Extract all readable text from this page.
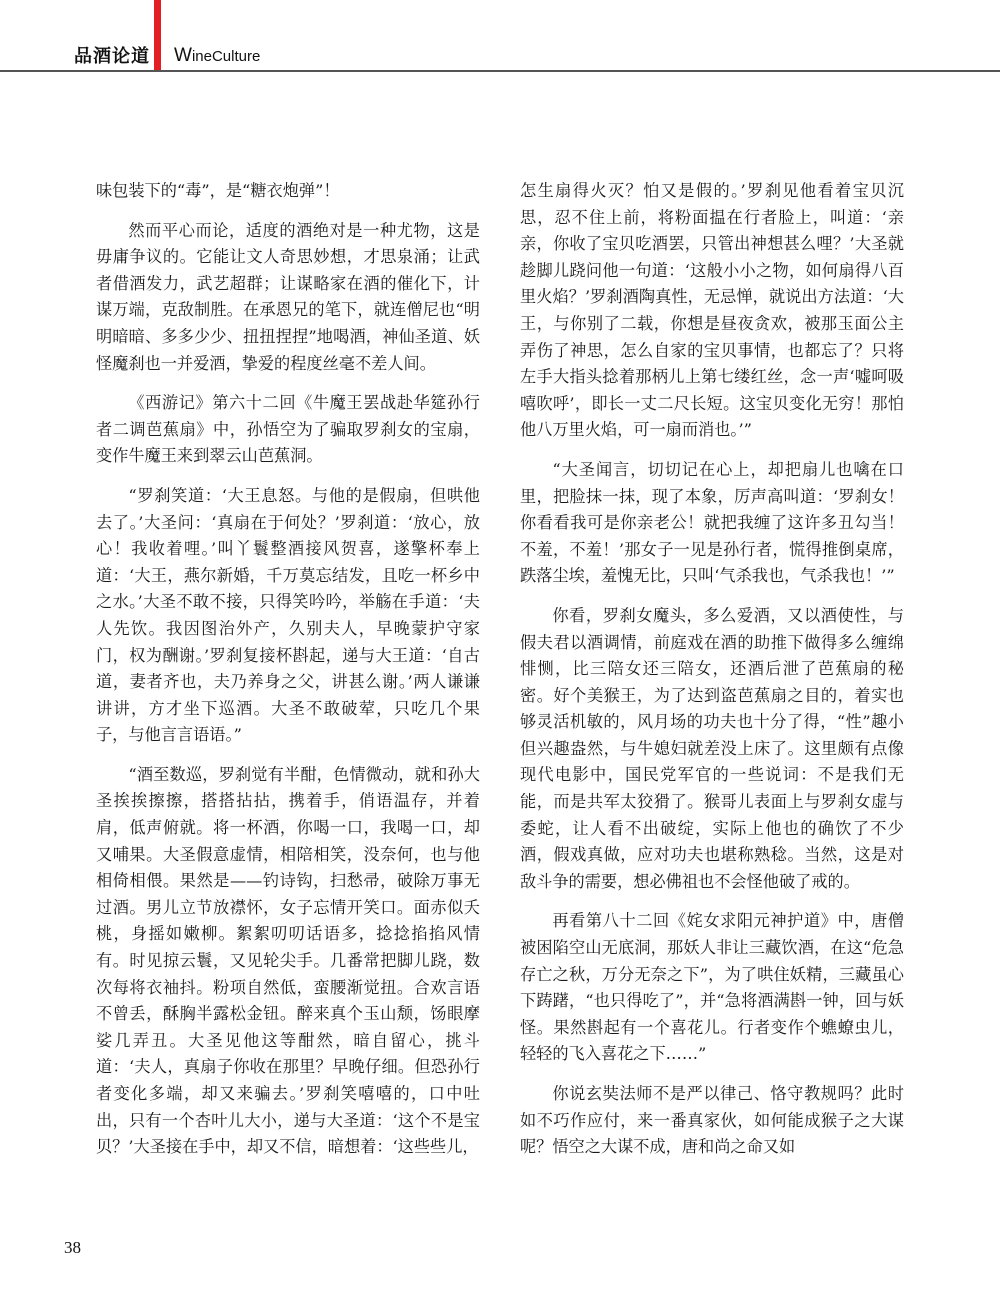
品酒论道 WineCulture

味包装下的“毒”，是“糖衣炮弹”！

然而平心而论，适度的酒绝对是一种尤物，这是毋庸争议的。它能让文人奇思妙想，才思泉涌；让武者借酒发力，武艺超群；让谋略家在酒的催化下，计谋万端，克敌制胜。在承恩兄的笔下，就连僧尼也“明明暗暗、多多少少、扭扭捏捏”地喝酒，神仙圣道、妖怪魔刹也一并爱酒，挚爱的程度丝毫不差人间。

《西游记》第六十二回《牛魔王罢战赴华筵孙行者二调芭蕉扇》中，孙悟空为了骗取罗刹女的宝扇，变作牛魔王来到翠云山芭蕉洞。

“罗刹笑道：‘大王息怒。与他的是假扇，但哄他去了。’大圣问：‘真扇在于何处？’罗刹道：‘放心，放心！我收着哩。’叫丫鬟整酒接风贺喜，遂擎杯奉上道：‘大王，燕尔新婚，千万莫忘结发，且吃一杯乡中之水。’大圣不敢不接，只得笑吟吟，举觞在手道：‘夫人先饮。我因图治外产，久别夫人，早晚蒙护守家门，权为酬谢。’罗刹复接杯斟起，递与大王道：‘自古道，妻者齐也，夫乃养身之父，讲甚么谢。’两人谦谦讲讲，方才坐下巡酒。大圣不敢破荤，只吃几个果子，与他言言语语。”

“酒至数巡，罗刹觉有半酣，色情微动，就和孙大圣挨挨擦擦，搭搭拈拈，携着手，俏语温存，并着肩，低声俯就。将一杯酒，你喝一口，我喝一口，却又哺果。大圣假意虚情，相陪相笑，没奈何，也与他相倚相偎。果然是——钓诗钩，扫愁帚，破除万事无过酒。男儿立节放襟怀，女子忘情开笑口。面赤似夭桃，身摇如嫩柳。絮絮叨叨话语多，捻捻掐掐风情有。时见掠云鬟，又见轮尖手。几番常把脚儿跷，数次每将衣袖抖。粉项自然低，蛮腰渐觉扭。合欢言语不曾丢，酥胸半露松金钮。醉来真个玉山颓，饧眼摩娑几弄丑。大圣见他这等酣然，暗自留心，挑斗道：‘夫人，真扇子你收在那里？早晚仔细。但恐孙行者变化多端，却又来骗去。’罗刹笑嘻嘻的，口中吐出，只有一个杏叶儿大小，递与大圣道：‘这个不是宝贝？’大圣接在手中，却又不信，暗想着：‘这些些儿，

怎生扇得火灭？怕又是假的。’罗刹见他看着宝贝沉思，忍不住上前，将粉面揾在行者脸上，叫道：‘亲亲，你收了宝贝吃酒罢，只管出神想甚么哩？’大圣就趁脚儿跷问他一句道：‘这般小小之物，如何扇得八百里火焰？’罗刹酒陶真性，无忌惮，就说出方法道：‘大王，与你别了二载，你想是昼夜贪欢，被那玉面公主弄伤了神思，怎么自家的宝贝事情，也都忘了？只将左手大指头捻着那柄儿上第七缕红丝，念一声‘嘘呵吸嘻吹呼’，即长一丈二尺长短。这宝贝变化无穷！那怕他八万里火焰，可一扇而消也。’”

“大圣闻言，切切记在心上，却把扇儿也噙在口里，把脸抹一抹，现了本象，厉声高叫道：‘罗刹女！你看看我可是你亲老公！就把我缠了这许多丑勾当！不羞，不羞！’那女子一见是孙行者，慌得推倒桌席，跌落尘埃，羞愧无比，只叫‘气杀我也，气杀我也！’”

你看，罗刹女魔头，多么爱酒，又以酒使性，与假夫君以酒调情，前庭戏在酒的助推下做得多么缠绵悱恻，比三陪女还三陪女，还酒后泄了芭蕉扇的秘密。好个美猴王，为了达到盗芭蕉扇之目的，着实也够灵活机敏的，风月场的功夫也十分了得，“性”趣小但兴趣盎然，与牛媳妇就差没上床了。这里颇有点像现代电影中，国民党军官的一些说词：不是我们无能，而是共军太狡猾了。猴哥儿表面上与罗刹女虚与委蛇，让人看不出破绽，实际上他也的确饮了不少酒，假戏真做，应对功夫也堪称熟稔。当然，这是对敌斗争的需要，想必佛祖也不会怪他破了戒的。

再看第八十二回《姹女求阳元神护道》中，唐僧被困陷空山无底洞，那妖人非让三藏饮酒，在这“危急存亡之秋，万分无奈之下”，为了哄住妖精，三藏虽心下踌躇，“也只得吃了”，并“急将酒满斟一钟，回与妖怪。果然斟起有一个喜花儿。行者变作个蟭蟟虫儿，轻轻的飞入喜花之下……”

你说玄奘法师不是严以律己、恪守教规吗？此时如不巧作应付，来一番真家伙，如何能成猴子之大谋呢？悟空之大谋不成，唐和尚之命又如

38
